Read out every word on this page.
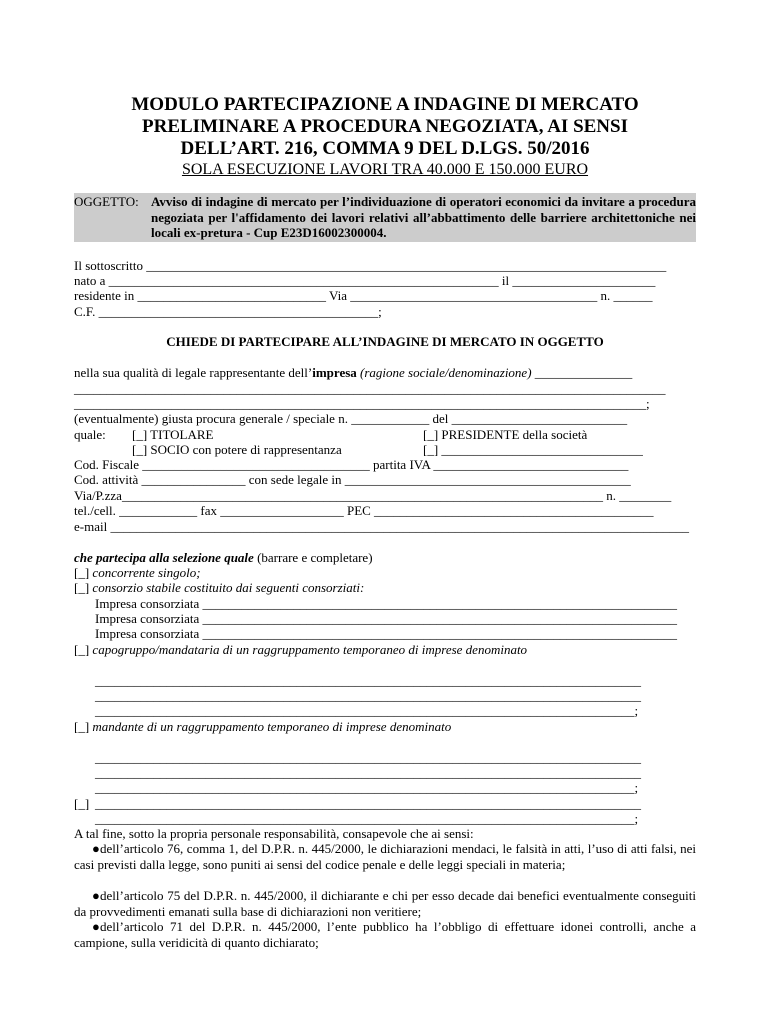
MODULO PARTECIPAZIONE A INDAGINE DI MERCATO
PRELIMINARE A PROCEDURA NEGOZIATA, AI SENSI
DELL’ART. 216, COMMA 9 DEL D.LGS. 50/2016
SOLA ESECUZIONE LAVORI TRA 40.000 E 150.000 EURO
OGGETTO: Avviso di indagine di mercato per l’individuazione di operatori economici da invitare a procedura negoziata per l'affidamento dei lavori relativi all’abbattimento delle barriere architettoniche nei locali ex-pretura - Cup E23D16002300004.
Il sottoscritto ________________________________________________________________________________
nato a ____________________________________________________________ il ______________________
residente in _____________________________ Via ______________________________________ n. ______
C.F. ___________________________________________;
CHIEDE DI PARTECIPARE ALL’INDAGINE DI MERCATO IN OGGETTO
nella sua qualità di legale rappresentante dell’impresa (ragione sociale/denominazione) _______________
___________________________________________________________________________________________
________________________________________________________________________________________;
(eventualmente) giusta procura generale / speciale n. ____________ del ___________________________
quale: [_] TITOLARE	[_] PRESIDENTE della società
[_] SOCIO con potere di rappresentanza	[_] _______________________________
Cod. Fiscale ___________________________________ partita IVA ______________________________
Cod. attività ________________ con sede legale in ____________________________________________
Via/P.zza__________________________________________________________________________ n. ________
tel./cell. ____________ fax ___________________ PEC ___________________________________________
e-mail _________________________________________________________________________________________
che partecipa alla selezione quale (barrare e completare)
[_] concorrente singolo;
[_] consorzio stabile costituito dai seguenti consorziati:
Impresa consorziata _________________________________________________________________________
Impresa consorziata _________________________________________________________________________
Impresa consorziata _________________________________________________________________________
[_] capogruppo/mandataria di un raggruppamento temporaneo di imprese denominato
____________________________________________________________________________________
____________________________________________________________________________________
___________________________________________________________________________________;
[_] mandante di un raggruppamento temporaneo di imprese denominato
____________________________________________________________________________________
____________________________________________________________________________________
___________________________________________________________________________________;
[_] ____________________________________________________________________________________
___________________________________________________________________________________;
A tal fine, sotto la propria personale responsabilità, consapevole che ai sensi:
●dell’articolo 76, comma 1, del D.P.R. n. 445/2000, le dichiarazioni mendaci, le falsità in atti, l’uso di atti falsi, nei casi previsti dalla legge, sono puniti ai sensi del codice penale e delle leggi speciali in materia;
●dell’articolo 75 del D.P.R. n. 445/2000, il dichiarante e chi per esso decade dai benefici eventualmente conseguiti da provvedimenti emanati sulla base di dichiarazioni non veritiere;
●dell’articolo 71 del D.P.R. n. 445/2000, l’ente pubblico ha l’obbligo di effettuare idonei controlli, anche a campione, sulla veridicità di quanto dichiarato;
